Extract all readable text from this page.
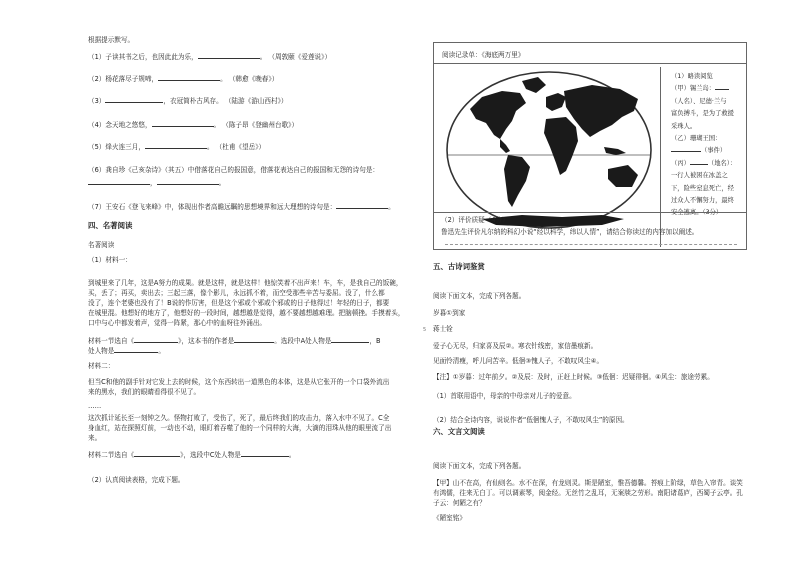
根据提示默写。
（1）子读其书之后，也因此此为乐，	。 （周敦颐《爱莲说》）
（2）杨花落尽子规啼，	。 （韩愈《晚春》）
（3）	，衣冠简朴古风存。 （陆游《游山西村》）
（4）念天地之悠悠，	。 （陈子昂《登幽州台歌》）
（5）烽火连三月，	。 （杜甫《望岳》）
（6）龚自珍《己亥杂诗》（其五）中借落花自己的报国意，借落花表达自己的报国和无怨的诗句是：
，	。
（7）王安石《登飞来峰》中，体现出作者高瞻远瞩的思想境界和远大理想的诗句是：	。
四、名著阅读
名著阅读
（1）材料一：
到城里来了几年，这是A努力的成果。就是这样，就是这样！他惊笑着不出声来！车，车，是我自己的饭碗，
买，丢了；再买，卖出去；三起三落，像个影儿，永远抓不着，而空受那些辛苦与委屈。没了，什么都
没了，连个老婆也没有了！B说的作厉害，但是这个邪或个邪或个邪或的日子他得过！年轻的日子，都要
在城里混。他想好的地方了，他想好的一段时间，越想越是觉得，越不要越想越难理。把脑顿挫。手摸着头，
口中与心中都发着声，觉得一阵紧，那心中的血呀往外涌出。
材料一节选自《	》，这本书的作者是	。选段中A处人物是	，B
处人物是	。
材料二：
但当C和他的副手针对它发上去的时候，这个东西转出一道黑色的本体，这是从它张开的一个口袋外流出
来的黑水，我们的眼睛看得很不见了。
……
这次抓计延长至一刻钟之久。怪物打败了，受伤了，死了，最后终我们的攻击力，落入水中不见了。C全
身血红，站在探照灯前，一动也不动，眼盯着吞噬了他的一个同样的大海，大滴的泪珠从他的眼里流了出
来。
材料二节选自《	》，选段中C处人物是	。
（2）认真阅读表格，完成下题。
5
阅读记录单：《海底两万里》
（1）略读阅览
（甲）锡兰岛：
（人名）、尼德·兰与
富负搏斗，是为了救援
采珠人。
（乙）珊瑚王国：
（事件）
（丙）	（地名）：
一行人被困在冰盖之
下，险些窒息死亡，经
过众人不懈努力，最终
安全逃离。（3分）
（2）评价质疑（4分）
鲁迅先生评价凡尔纳的科幻小说“经以科学，纬以人情”，请结合你读过的内容加以阐述。
五、古诗词鉴赏
阅读下面文本，完成下列各题。
岁暮①到家
蒋士铨
爱子心无尽，归家喜及辰②。寒衣针线密，家信墨痕新。
见面怜清瘦，呼儿问苦辛。低徊③愧人子，不敢叹风尘④。
【注】①岁暮：过年前夕。②及辰：及时，正赶上时候。③低徊：迟疑徘徊。④风尘：旅途劳累。
（1）首联用语中，母亲的中母亲对儿子的爱意。
（2）结合全诗内容，说说作者“低徊愧人子，不敢叹风尘”的原因。
六、文言文阅读
阅读下面文本，完成下列各题。
【甲】山不在高，有仙则名。水不在深，有龙则灵。斯是陋室，惟吾德馨。苔痕上阶绿，草色入帘青。谈笑
有鸿儒，往来无白丁。可以调素琴，阅金经。无丝竹之乱耳，无案牍之劳形。南阳诸葛庐，西蜀子云亭。孔
子云：何陋之有？
《陋室铭》
